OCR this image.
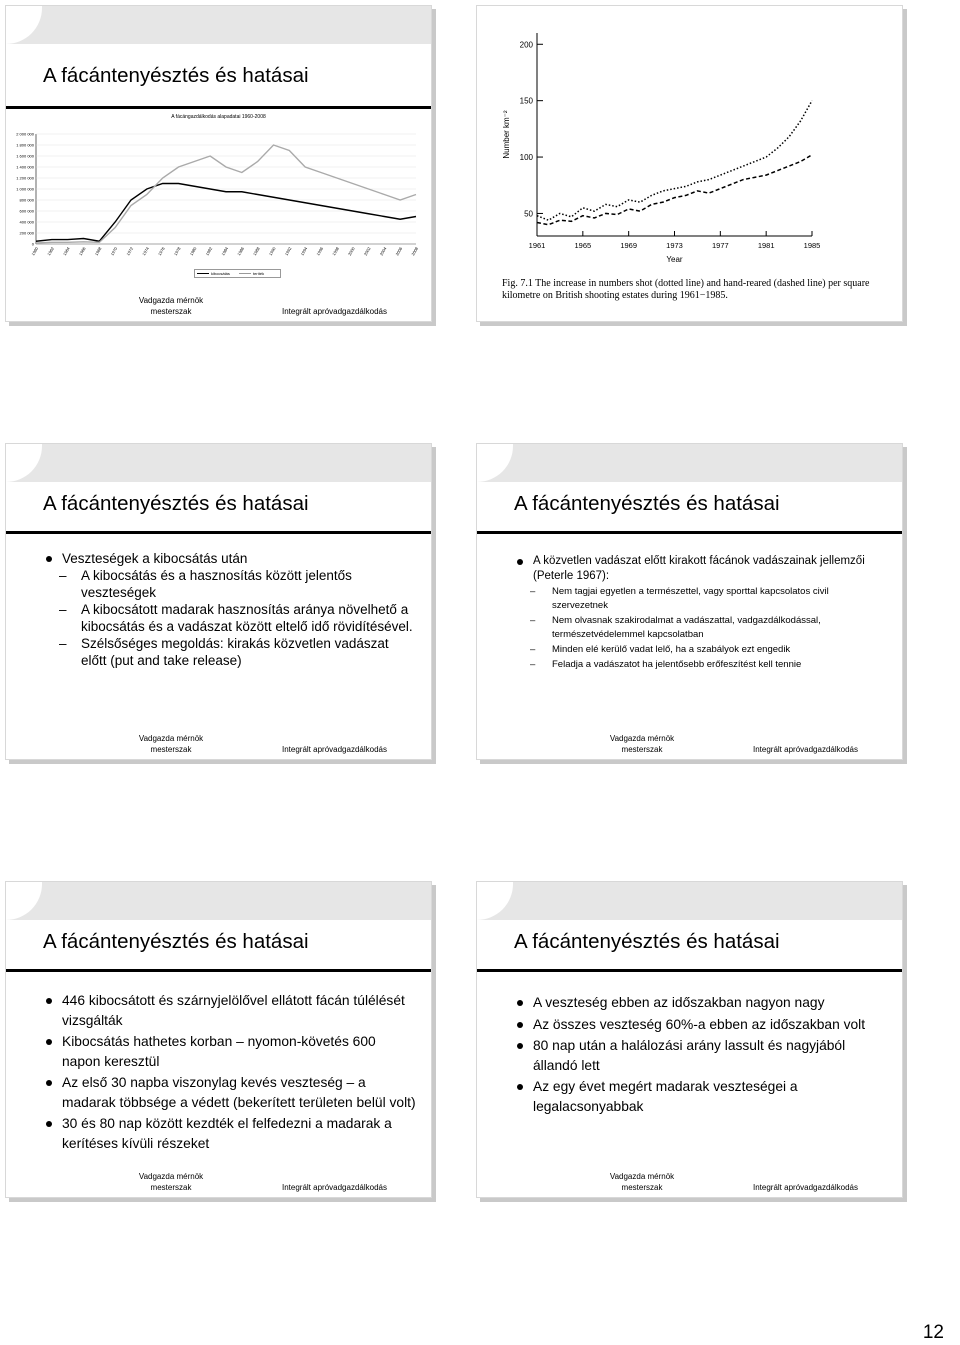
A fácántenyésztés és hatásai
A fácángazdálkodás alapadatai 1960-2008
0
200 000
400 000
600 000
800 000
1 000 000
1 200 000
1 400 000
1 600 000
1 800 000
2 000 000
1960 1962 1964 1966 1968 1970 1972 1974 1976 1978 1980 1982 1984 1986 1988 1990 1992 1994 1996 1998 2000 2002 2004 2006 2008
kibocsátás	teríték
Vadgazda mérnök
mesterszak	Integrált apróvadgazdálkodás
50
100
150
200
1961	1965	1969	1973	1977	1981	1985
Year
Number km⁻²
Fig. 7.1 The increase in numbers shot (dotted line) and hand-reared (dashed line) per square kilometre on British shooting estates during 1961−1985.
A fácántenyésztés és hatásai
Veszteségek a kibocsátás után
– A kibocsátás és a hasznosítás között jelentős veszteségek
– A kibocsátott madarak hasznosítás aránya növelhető a kibocsátás és a vadászat között eltelő idő rövidítésével.
– Szélsőséges megoldás: kirakás közvetlen vadászat előtt (put and take release)
Vadgazda mérnök
mesterszak	Integrált apróvadgazdálkodás
A fácántenyésztés és hatásai
A közvetlen vadászat előtt kirakott fácánok vadászainak jellemzői (Peterle 1967):
– Nem tagjai egyetlen a természettel, vagy sporttal kapcsolatos civil szervezetnek
– Nem olvasnak szakirodalmat a vadászattal, vadgazdálkodással, természetvédelemmel kapcsolatban
– Minden elé kerülő vadat lelő, ha a szabályok ezt engedik
– Feladja a vadászatot ha jelentősebb erőfeszítést kell tennie
Vadgazda mérnök
mesterszak	Integrált apróvadgazdálkodás
A fácántenyésztés és hatásai
446 kibocsátott és szárnyjelölővel ellátott fácán túlélését vizsgálták
Kibocsátás hathetes korban – nyomon-követés 600 napon keresztül
Az első 30 napba viszonylag kevés veszteség – a madarak többsége a védett (bekerített területen belül volt)
30 és 80 nap között kezdték el felfedezni a madarak a kerítéses kívüli részeket
Vadgazda mérnök
mesterszak	Integrált apróvadgazdálkodás
A fácántenyésztés és hatásai
A veszteség ebben az időszakban nagyon nagy
Az összes veszteség 60%-a ebben az időszakban volt
80 nap után a halálozási arány lassult és nagyjából állandó lett
Az egy évet megért madarak veszteségei a legalacsonyabbak
Vadgazda mérnök
mesterszak	Integrált apróvadgazdálkodás
12
